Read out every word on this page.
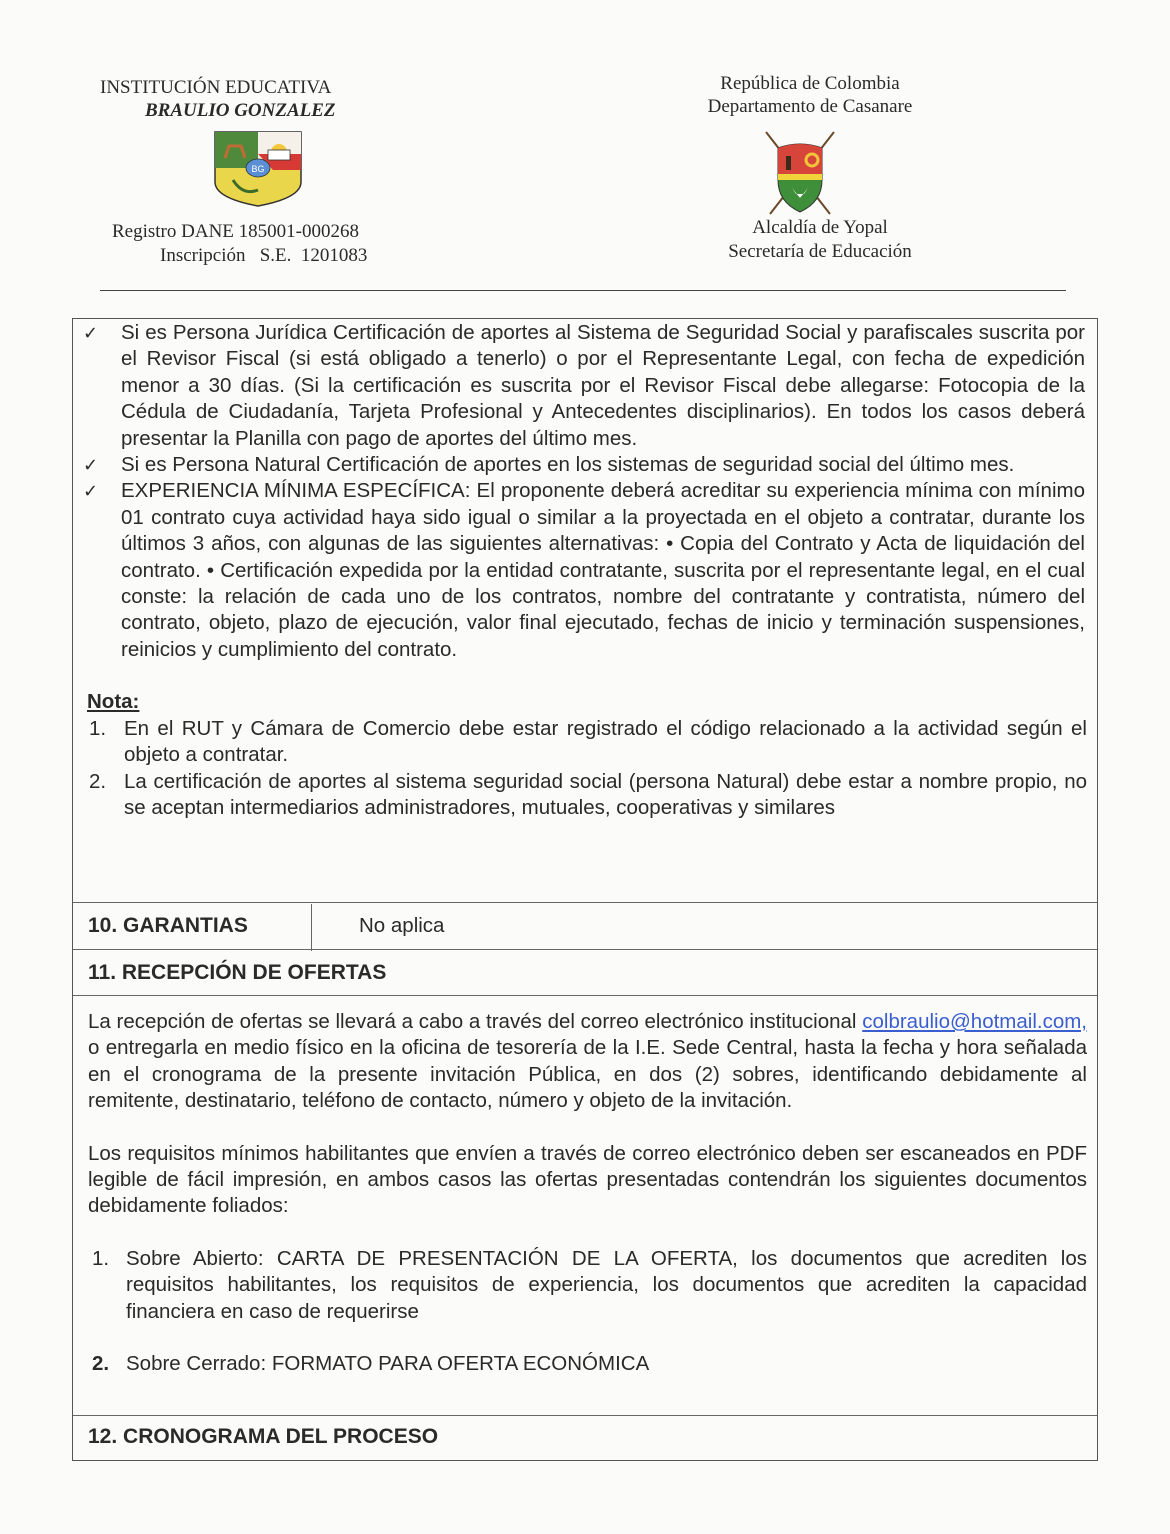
INSTITUCIÓN EDUCATIVA
BRAULIO GONZALEZ
BG
Registro DANE 185001-000268
Inscripción   S.E.  1201083
República de Colombia
Departamento de Casanare
Alcaldía de Yopal
Secretaría de Educación
✓ Si es Persona Jurídica Certificación de aportes al Sistema de Seguridad Social y parafiscales suscrita por el Revisor Fiscal (si está obligado a tenerlo) o por el Representante Legal, con fecha de expedición menor a 30 días. (Si la certificación es suscrita por el Revisor Fiscal debe allegarse: Fotocopia de la Cédula de Ciudadanía, Tarjeta Profesional y Antecedentes disciplinarios). En todos los casos deberá presentar la Planilla con pago de aportes del último mes.
✓ Si es Persona Natural Certificación de aportes en los sistemas de seguridad social del último mes.
✓ EXPERIENCIA MÍNIMA ESPECÍFICA: El proponente deberá acreditar su experiencia mínima con mínimo 01 contrato cuya actividad haya sido igual o similar a la proyectada en el objeto a contratar, durante los últimos 3 años, con algunas de las siguientes alternativas: • Copia del Contrato y Acta de liquidación del contrato. • Certificación expedida por la entidad contratante, suscrita por el representante legal, en el cual conste: la relación de cada uno de los contratos, nombre del contratante y contratista, número del contrato, objeto, plazo de ejecución, valor final ejecutado, fechas de inicio y terminación suspensiones, reinicios y cumplimiento del contrato.
Nota:
1. En el RUT y Cámara de Comercio debe estar registrado el código relacionado a la actividad según el objeto a contratar.
2. La certificación de aportes al sistema seguridad social (persona Natural) debe estar a nombre propio, no se aceptan intermediarios administradores, mutuales, cooperativas y similares
10. GARANTIAS	No aplica
11. RECEPCIÓN DE OFERTAS

La recepción de ofertas se llevará a cabo a través del correo electrónico institucional colbraulio@hotmail.com, o entregarla en medio físico en la oficina de tesorería de la I.E. Sede Central, hasta la fecha y hora señalada en el cronograma de la presente invitación Pública, en dos (2) sobres, identificando debidamente al remitente, destinatario, teléfono de contacto, número y objeto de la invitación.

Los requisitos mínimos habilitantes que envíen a través de correo electrónico deben ser escaneados en PDF legible de fácil impresión, en ambos casos las ofertas presentadas contendrán los siguientes documentos debidamente foliados:

1. Sobre Abierto: CARTA DE PRESENTACIÓN DE LA OFERTA, los documentos que acrediten los requisitos habilitantes, los requisitos de experiencia, los documentos que acrediten la capacidad financiera en caso de requerirse
2. Sobre Cerrado: FORMATO PARA OFERTA ECONÓMICA
12. CRONOGRAMA DEL PROCESO
